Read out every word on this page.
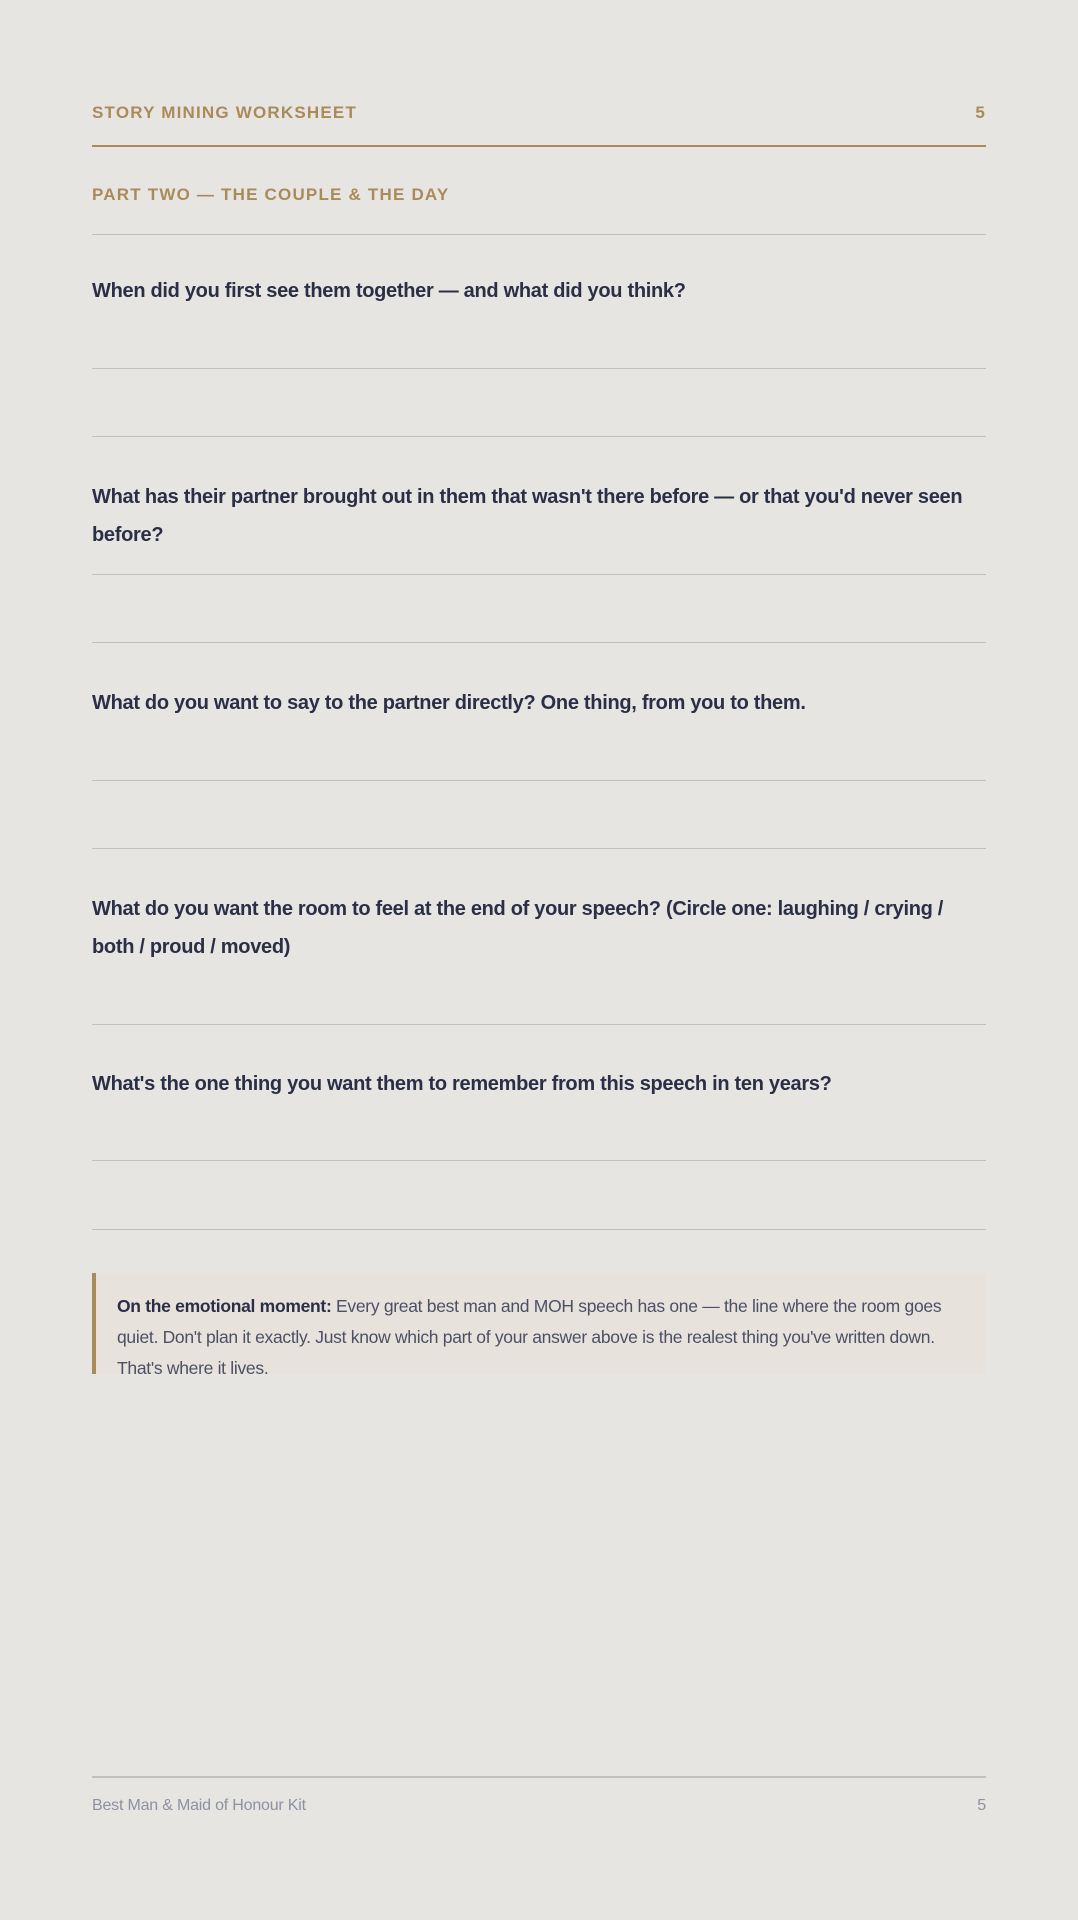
STORY MINING WORKSHEET	5
PART TWO — THE COUPLE & THE DAY
When did you first see them together — and what did you think?
What has their partner brought out in them that wasn't there before — or that you'd never seen before?
What do you want to say to the partner directly? One thing, from you to them.
What do you want the room to feel at the end of your speech? (Circle one: laughing / crying / both / proud / moved)
What's the one thing you want them to remember from this speech in ten years?
On the emotional moment: Every great best man and MOH speech has one — the line where the room goes quiet. Don't plan it exactly. Just know which part of your answer above is the realest thing you've written down. That's where it lives.
Best Man & Maid of Honour Kit	5
